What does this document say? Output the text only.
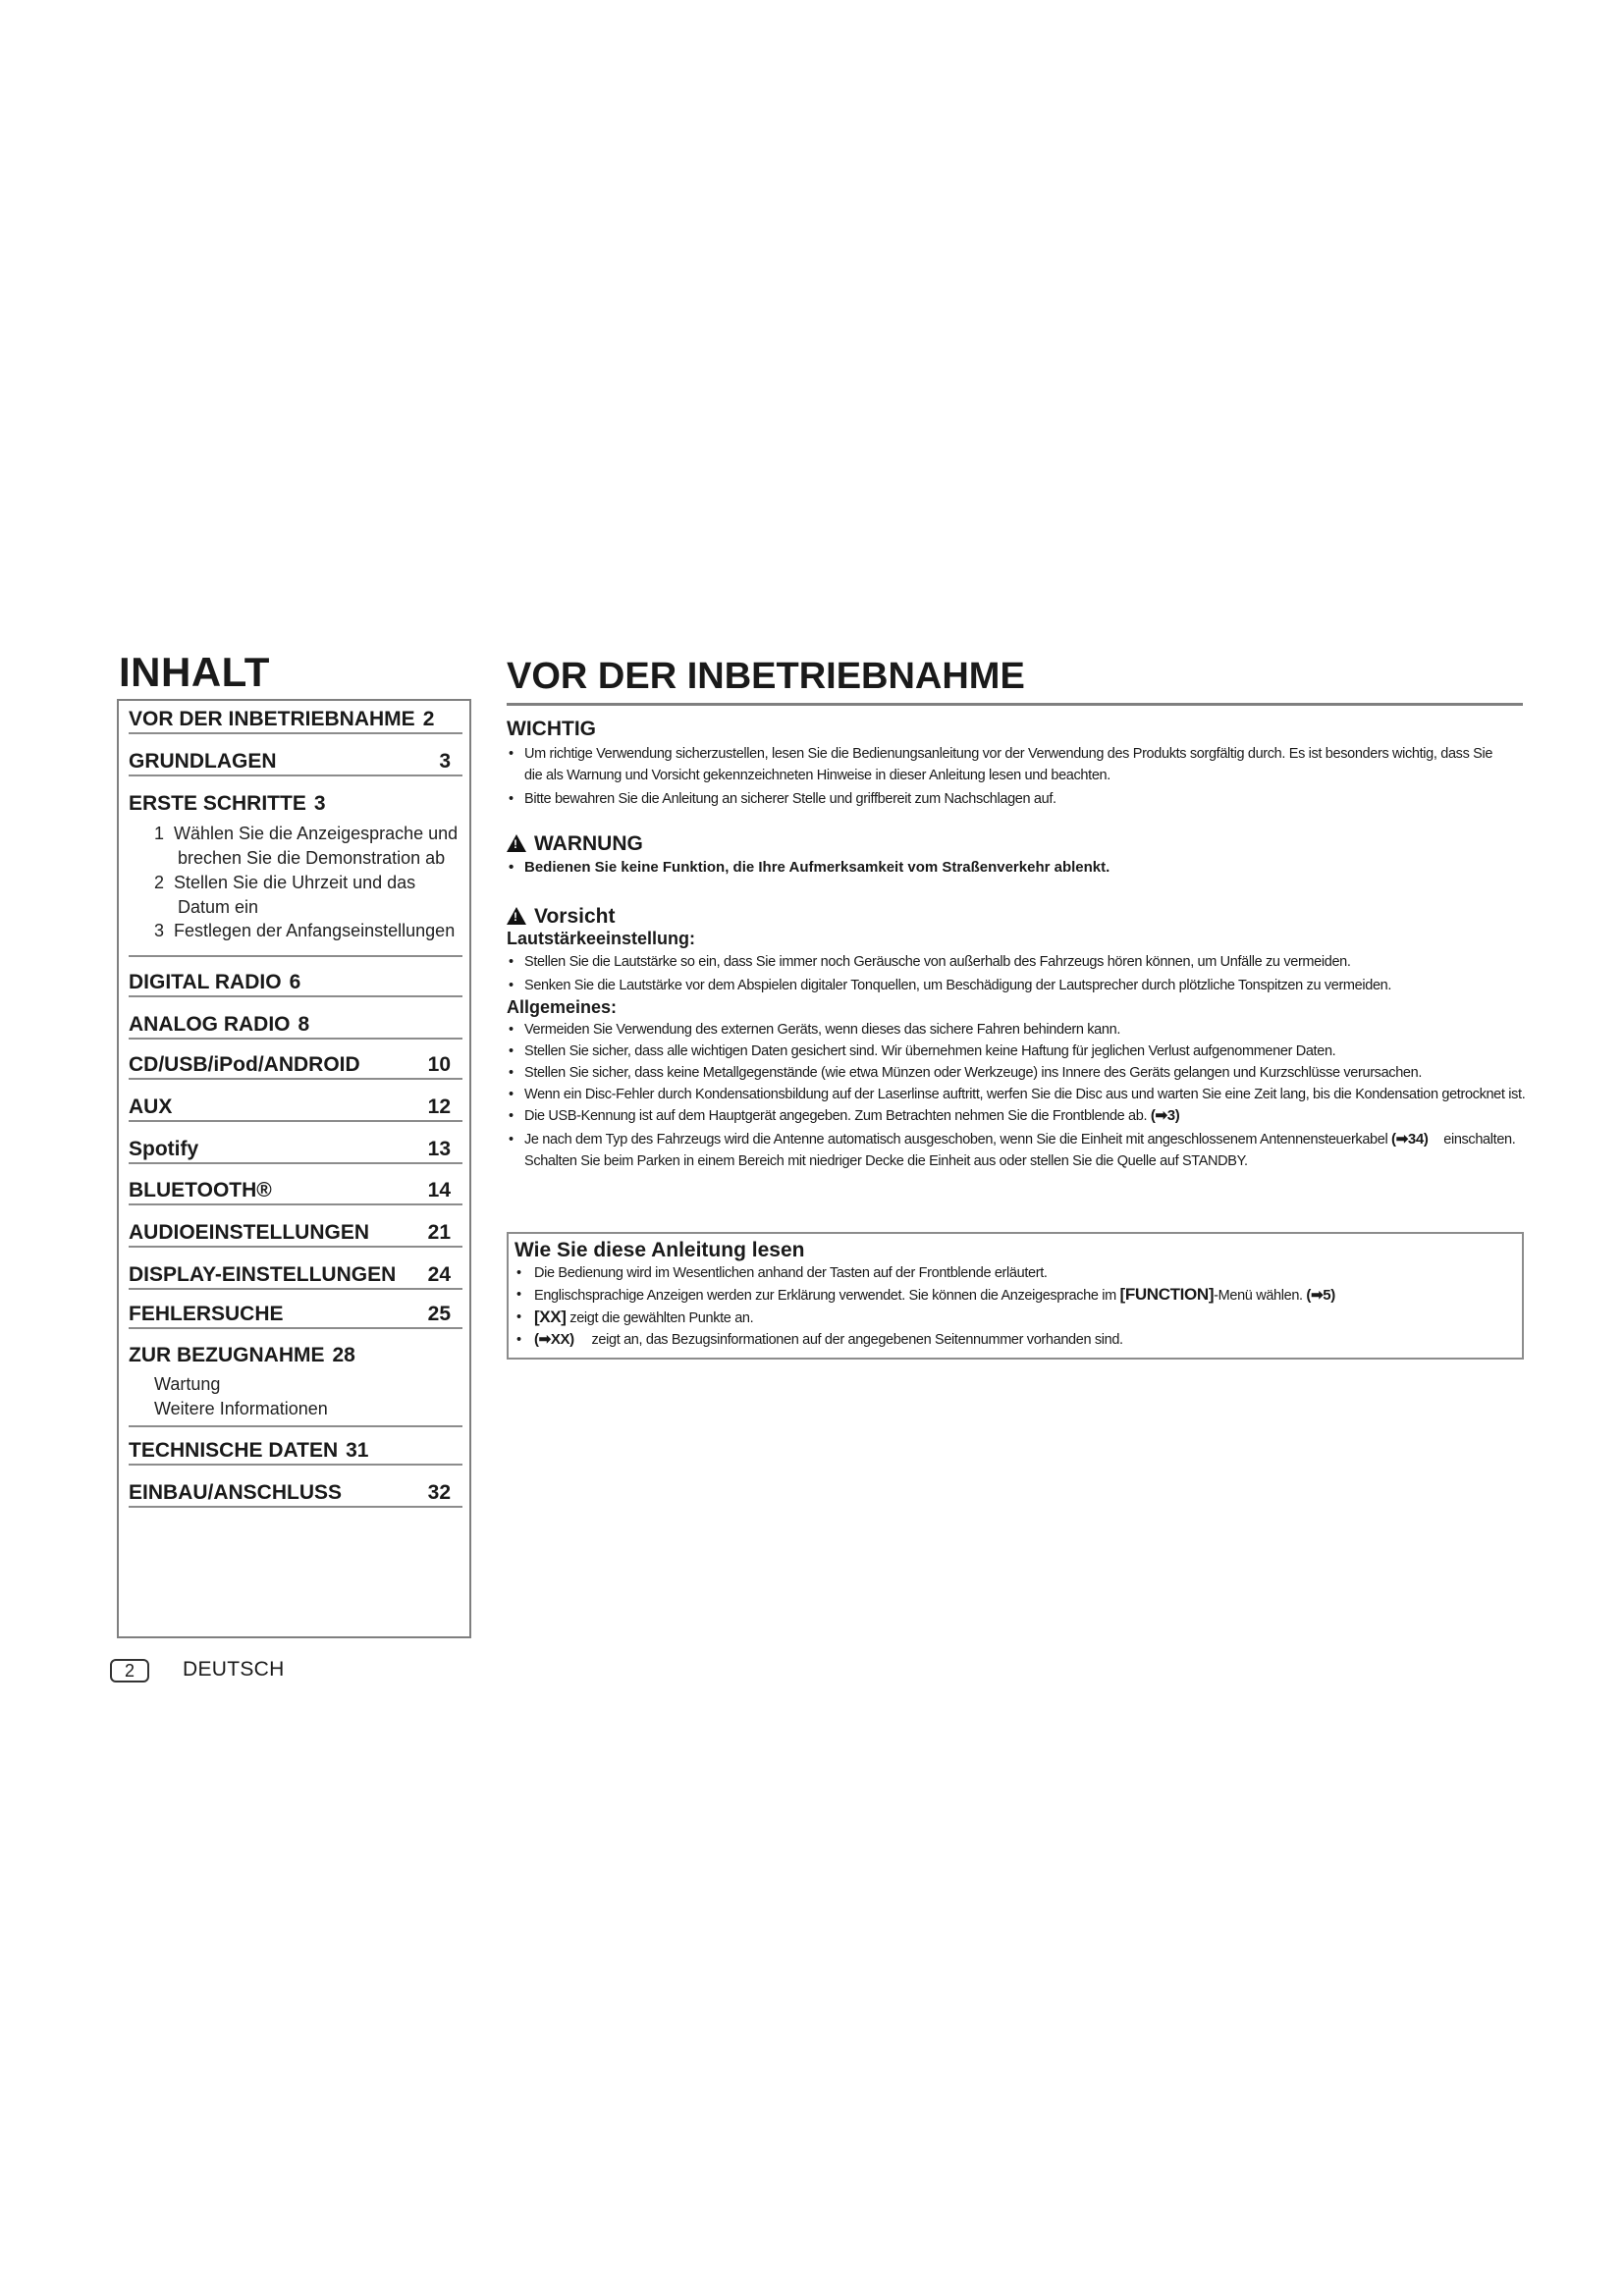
INHALT
VOR DER INBETRIEBNAHME 2
GRUNDLAGEN	3
ERSTE SCHRITTE 3
1 Wählen Sie die Anzeigesprache und
brechen Sie die Demonstration ab
2 Stellen Sie die Uhrzeit und das
Datum ein
3 Festlegen der Anfangseinstellungen
DIGITAL RADIO 6
ANALOG RADIO 8
CD/USB/iPod/ANDROID	10
AUX	12
Spotify	13
BLUETOOTH®	14
AUDIOEINSTELLUNGEN	21
DISPLAY-EINSTELLUNGEN 24
FEHLERSUCHE	25
ZUR BEZUGNAHME 28
Wartung
Weitere Informationen
TECHNISCHE DATEN 31
EINBAU/ANSCHLUSS	32
2	DEUTSCH
VOR DER INBETRIEBNAHME
WICHTIG
• Um richtige Verwendung sicherzustellen, lesen Sie die Bedienungsanleitung vor der Verwendung des Produkts sorgfältig durch. Es ist besonders wichtig, dass Sie die als Warnung und Vorsicht gekennzeichneten Hinweise in dieser Anleitung lesen und beachten.
• Bitte bewahren Sie die Anleitung an sicherer Stelle und griffbereit zum Nachschlagen auf.
!WARNUNG
• Bedienen Sie keine Funktion, die Ihre Aufmerksamkeit vom Straßenverkehr ablenkt.
!Vorsicht
Lautstärkeeinstellung:
• Stellen Sie die Lautstärke so ein, dass Sie immer noch Geräusche von außerhalb des Fahrzeugs hören können, um Unfälle zu vermeiden.
• Senken Sie die Lautstärke vor dem Abspielen digitaler Tonquellen, um Beschädigung der Lautsprecher durch plötzliche Tonspitzen zu vermeiden.
Allgemeines:
• Vermeiden Sie Verwendung des externen Geräts, wenn dieses das sichere Fahren behindern kann.
• Stellen Sie sicher, dass alle wichtigen Daten gesichert sind. Wir übernehmen keine Haftung für jeglichen Verlust aufgenommener Daten.
• Stellen Sie sicher, dass keine Metallgegenstände (wie etwa Münzen oder Werkzeuge) ins Innere des Geräts gelangen und Kurzschlüsse verursachen.
• Wenn ein Disc-Fehler durch Kondensationsbildung auf der Laserlinse auftritt, werfen Sie die Disc aus und warten Sie eine Zeit lang, bis die Kondensation getrocknet ist.
• Die USB-Kennung ist auf dem Hauptgerät angegeben. Zum Betrachten nehmen Sie die Frontblende ab. (➡3)
• Je nach dem Typ des Fahrzeugs wird die Antenne automatisch ausgeschoben, wenn Sie die Einheit mit angeschlossenem Antennensteuerkabel (➡34) einschalten. Schalten Sie beim Parken in einem Bereich mit niedriger Decke die Einheit aus oder stellen Sie die Quelle auf STANDBY.
Wie Sie diese Anleitung lesen
• Die Bedienung wird im Wesentlichen anhand der Tasten auf der Frontblende erläutert.
• Englischsprachige Anzeigen werden zur Erklärung verwendet. Sie können die Anzeigesprache im [FUNCTION]-Menü wählen. (➡5)
• [XX] zeigt die gewählten Punkte an.
• (➡XX) zeigt an, das Bezugsinformationen auf der angegebenen Seitennummer vorhanden sind.
